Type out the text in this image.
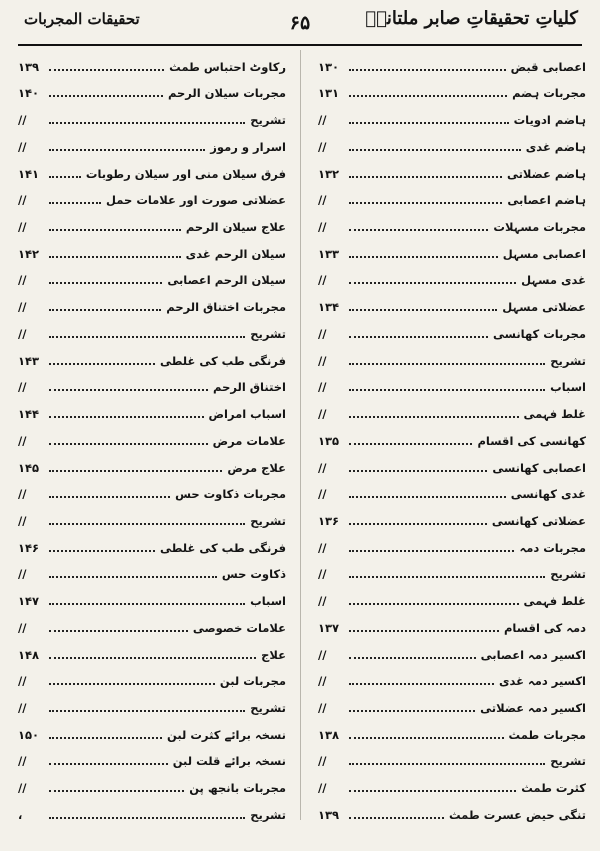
کلیاتِ تحقیقاتِ صابر ملتانیؒ
۶۵
تحقیقات المجربات
اعصابی قبض
۱۳۰
مجربات ہضم
۱۳۱
ہاضم ادویات
//
ہاضم غدی
//
ہاضم عضلاتی
۱۳۲
ہاضم اعصابی
//
مجربات مسہلات
//
اعصابی مسہل
۱۳۳
غدی مسہل
//
عضلاتی مسہل
۱۳۴
مجربات کھانسی
//
تشریح
//
اسباب
//
غلط فہمی
//
کھانسی کی اقسام
۱۳۵
اعصابی کھانسی
//
غدی کھانسی
//
عضلاتی کھانسی
۱۳۶
مجربات دمہ
//
تشریح
//
غلط فہمی
//
دمہ کی اقسام
۱۳۷
اکسیر دمہ اعصابی
//
اکسیر دمہ غدی
//
اکسیر دمہ عضلاتی
//
مجربات طمث
۱۳۸
تشریح
//
کثرت طمث
//
تنگی حیض عسرت طمث
۱۳۹
رکاوٹ احتباس طمث
۱۳۹
مجربات سیلان الرحم
۱۴۰
تشریح
//
اسرار و رموز
//
فرق سیلان منی اور سیلان رطوبات
۱۴۱
عضلاتی صورت اور علامات حمل
//
علاج سیلان الرحم
//
سیلان الرحم غدی
۱۴۲
سیلان الرحم اعصابی
//
مجربات اختناق الرحم
//
تشریح
//
فرنگی طب کی غلطی
۱۴۳
اختناق الرحم
//
اسباب امراض
۱۴۴
علامات مرض
//
علاج مرض
۱۴۵
مجربات ذکاوت حس
//
تشریح
//
فرنگی طب کی غلطی
۱۴۶
ذکاوت حس
//
اسباب
۱۴۷
علامات خصوصی
//
علاج
۱۴۸
مجربات لبن
//
تشریح
//
نسخہ برائے کثرت لبن
۱۵۰
نسخہ برائے قلت لبن
//
مجربات بانجھ پن
//
تشریح
،
